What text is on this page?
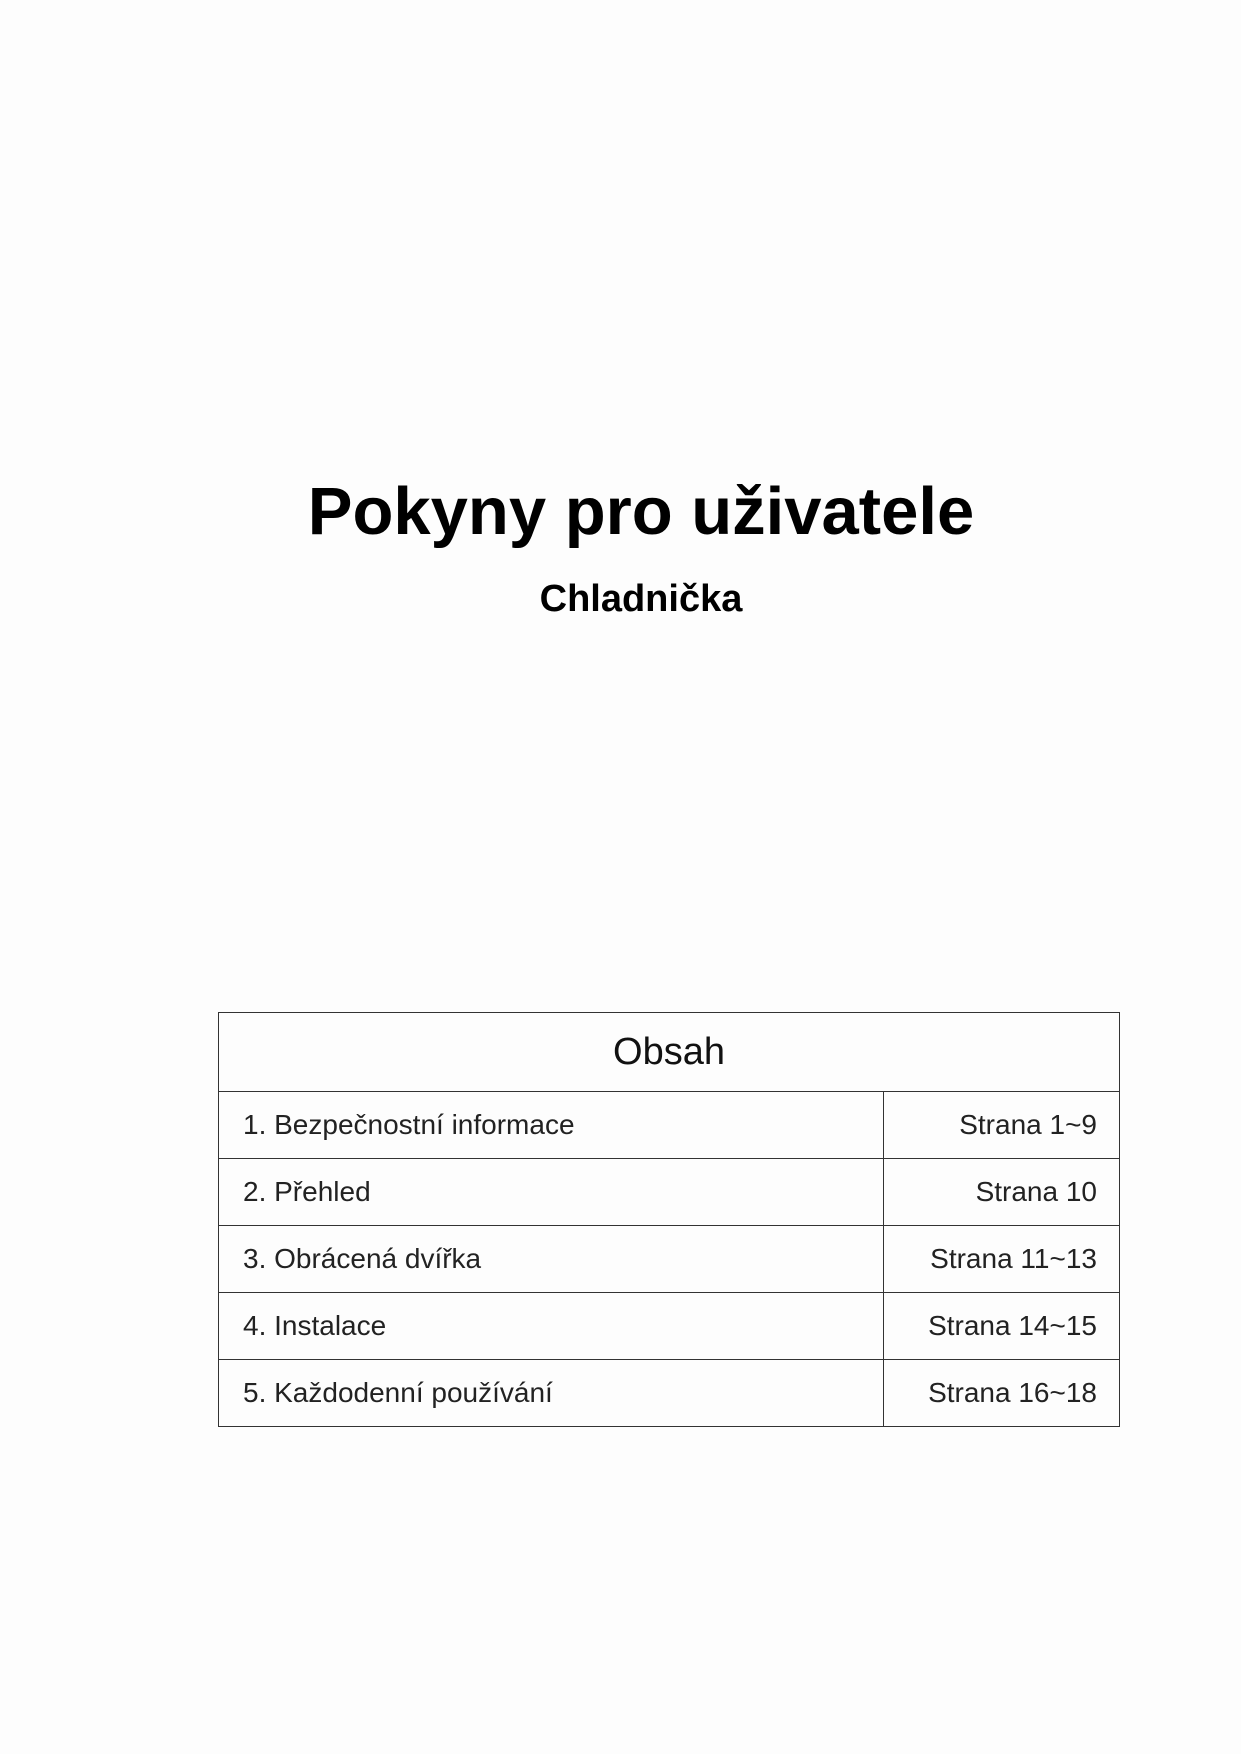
Pokyny pro uživatele
Chladnička
Obsah	
1. Bezpečnostní informace	Strana 1~9
2. Přehled	Strana 10
3. Obrácená dvířka	Strana 11~13
4. Instalace	Strana 14~15
5. Každodenní používání	Strana 16~18
